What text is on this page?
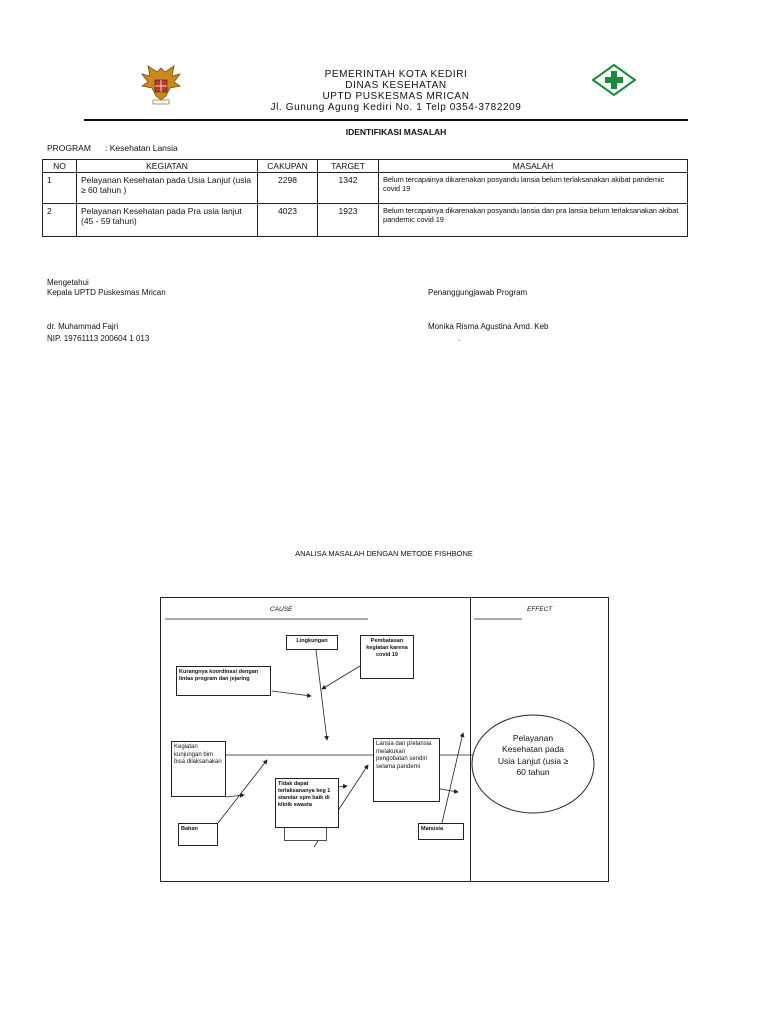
PEMERINTAH KOTA KEDIRI
DINAS KESEHATAN
UPTD PUSKESMAS MRICAN
Jl. Gunung Agung Kediri No. 1 Telp 0354-3782209
IDENTIFIKASI MASALAH
PROGRAM : Kesehatan Lansia
NO	KEGIATAN	CAKUPAN	TARGET	MASALAH
1	Pelayanan Kesehatan pada Usia Lanjut (usia ≥ 60 tahun )	2298	1342	Belum tercapainya dikarenakan posyandu lansia belum terlaksanakan akibat pandemic covid 19
2	Pelayanan Kesehatan pada Pra usia lanjut (45 - 59 tahun)	4023	1923	Belum tercapainya dikarenakan posyandu lansia dan pra lansia belum terlaksanakan akibat pandemic covid 19
Mengetahui
Kepala UPTD Puskesmas Mrican	Penanggungjawab Program
dr. Muhammad Fajri
NIP. 19761113 200604 1 013
Monika Risma Agustina Amd. Keb
.
ANALISA MASALAH DENGAN METODE FISHBONE
CAUSE	EFFECT
Lingkungan	Pembatasan kegiatan karena covid 19
Kurangnya koordinasi dengan lintas program dan jejaring
Kegiatan kunjungan bim bisa dilaksanakan
Bahan
Tidak dapat terlaksananya keg 1 standar spm baik di klinik swasta
Lansia dan prelansia melakukan pengobatan sendiri selama pandemi
Manusia
Pelayanan Kesehatan pada Usia Lanjut (usia ≥ 60 tahun
